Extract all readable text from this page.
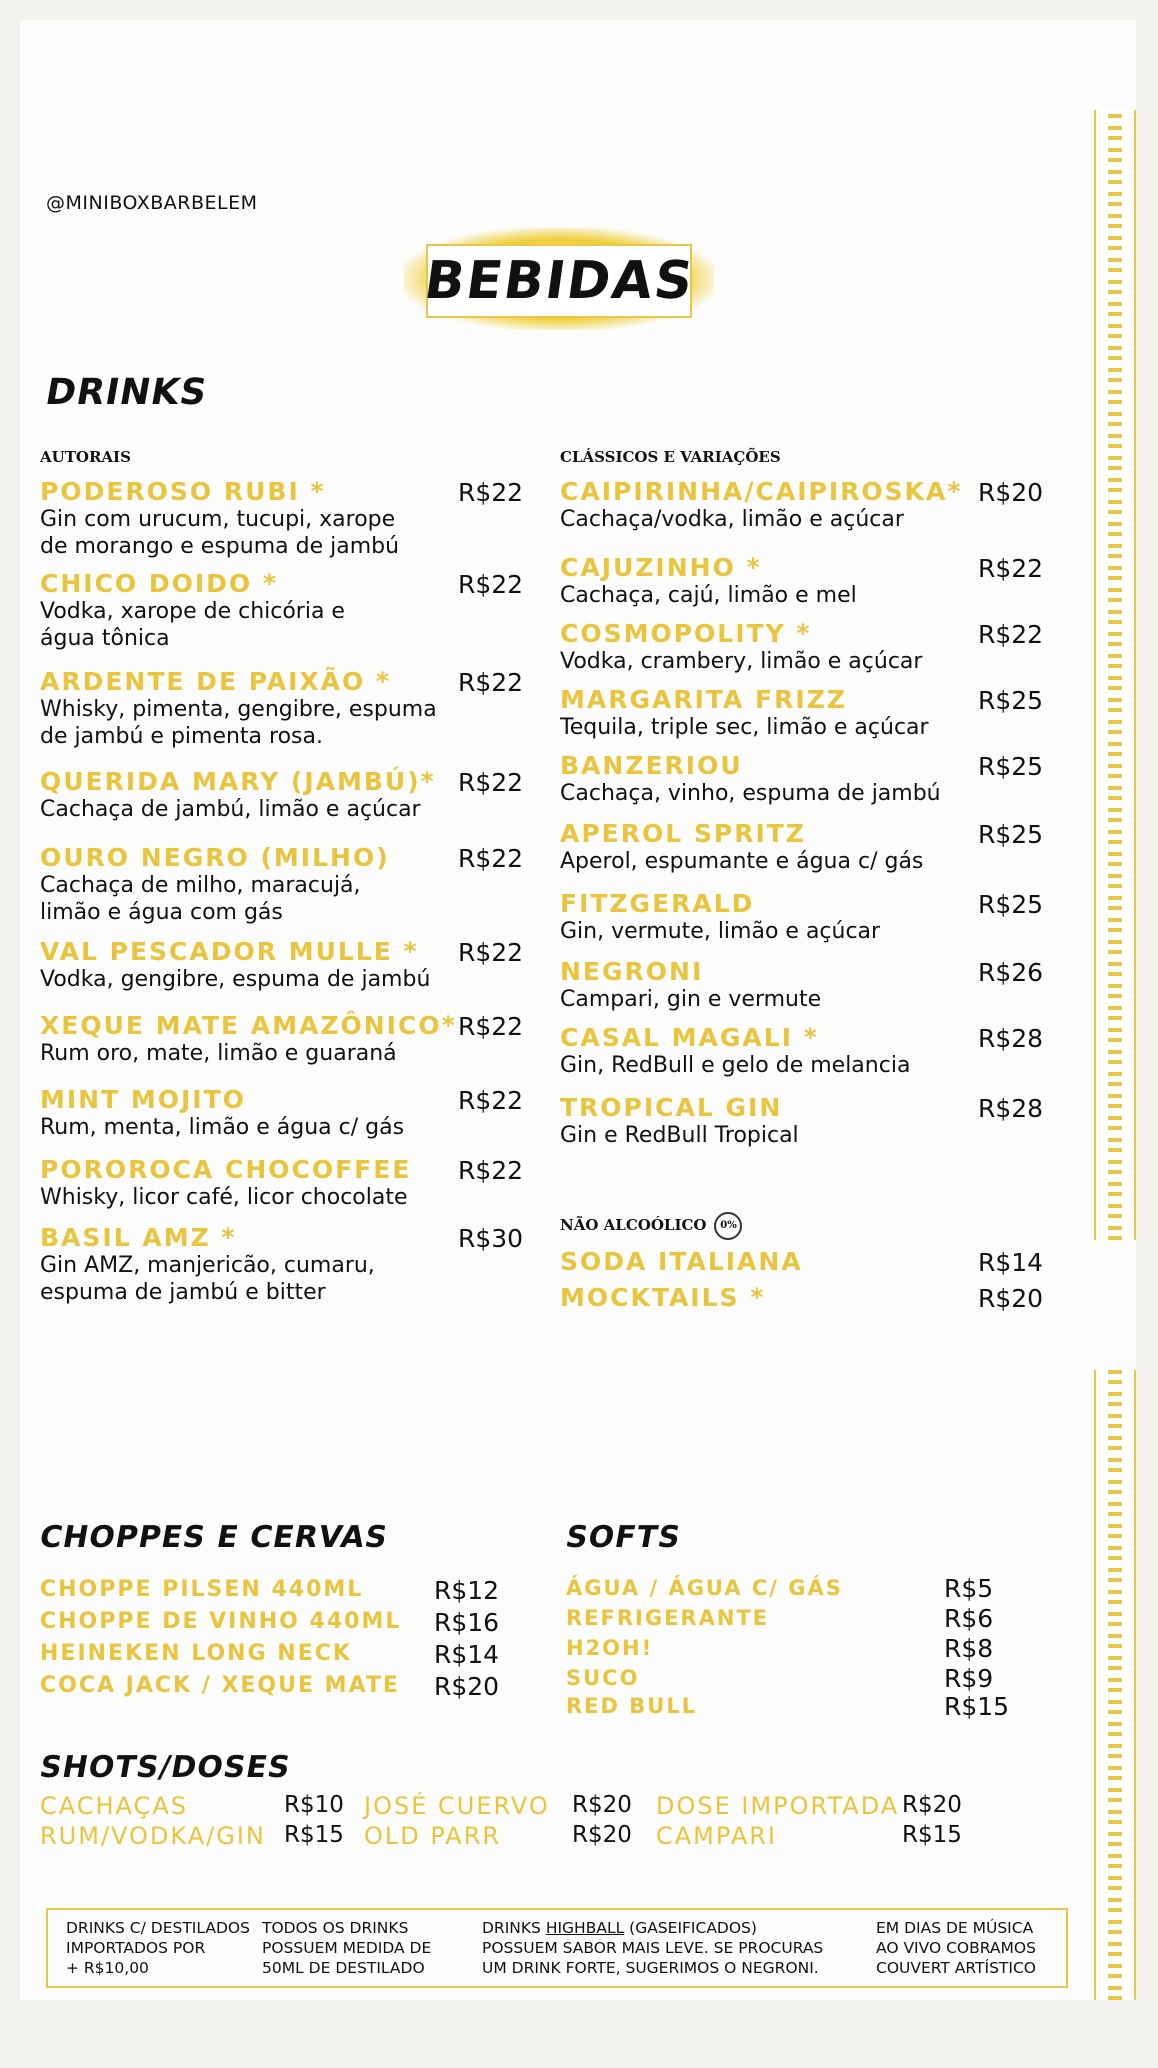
@MINIBOXBARBELEM
BEBIDAS
DRINKS
AUTORAIS	CLÁSSICOS E VARIAÇÕES
PODEROSO RUBI *
Gin com urucum, tucupi, xarope
de morango e espuma de jambú
R$22
CHICO DOIDO *
Vodka, xarope de chicória e
água tônica
R$22
ARDENTE DE PAIXÃO *
Whisky, pimenta, gengibre, espuma
de jambú e pimenta rosa.
R$22
QUERIDA MARY (JAMBÚ)*
Cachaça de jambú, limão e açúcar
R$22
OURO NEGRO (MILHO)
Cachaça de milho, maracujá,
limão e água com gás
R$22
VAL PESCADOR MULLE *
Vodka, gengibre, espuma de jambú
R$22
XEQUE MATE AMAZÔNICO*
Rum oro, mate, limão e guaraná
R$22
MINT MOJITO
Rum, menta, limão e água c/ gás
R$22
POROROCA CHOCOFFEE
Whisky, licor café, licor chocolate
R$22
BASIL AMZ *
Gin AMZ, manjericão, cumaru,
espuma de jambú e bitter
R$30
CAIPIRINHA/CAIPIROSKA*
Cachaça/vodka, limão e açúcar
R$20
CAJUZINHO *
Cachaça, cajú, limão e mel
R$22
COSMOPOLITY *
Vodka, crambery, limão e açúcar
R$22
MARGARITA FRIZZ
Tequila, triple sec, limão e açúcar
R$25
BANZERIOU
Cachaça, vinho, espuma de jambú
R$25
APEROL SPRITZ
Aperol, espumante e água c/ gás
R$25
FITZGERALD
Gin, vermute, limão e açúcar
R$25
NEGRONI
Campari, gin e vermute
R$26
CASAL MAGALI *
Gin, RedBull e gelo de melancia
R$28
TROPICAL GIN
Gin e RedBull Tropical
R$28
NÃO ALCOÓLICO 0%
SODA ITALIANA	R$14
MOCKTAILS *	R$20
CHOPPES E CERVAS
CHOPPE PILSEN 440ML	R$12
CHOPPE DE VINHO 440ML R$16
HEINEKEN LONG NECK	R$14
COCA JACK / XEQUE MATE R$20
SOFTS
ÁGUA / ÁGUA C/ GÁS	R$5
REFRIGERANTE	R$6
H2OH!	R$8
SUCO	R$9
RED BULL	R$15
SHOTS/DOSES
CACHAÇAS	R$10
RUM/VODKA/GIN R$15
JOSÉ CUERVO R$20
OLD PARR	R$20
DOSE IMPORTADA R$20
CAMPARI	R$15
DRINKS C/ DESTILADOS
IMPORTADOS POR
+ R$10,00
TODOS OS DRINKS
POSSUEM MEDIDA DE
50ML DE DESTILADO
DRINKS HIGHBALL (GASEIFICADOS)
POSSUEM SABOR MAIS LEVE. SE PROCURAS
UM DRINK FORTE, SUGERIMOS O NEGRONI.
EM DIAS DE MÚSICA
AO VIVO COBRAMOS
COUVERT ARTÍSTICO
